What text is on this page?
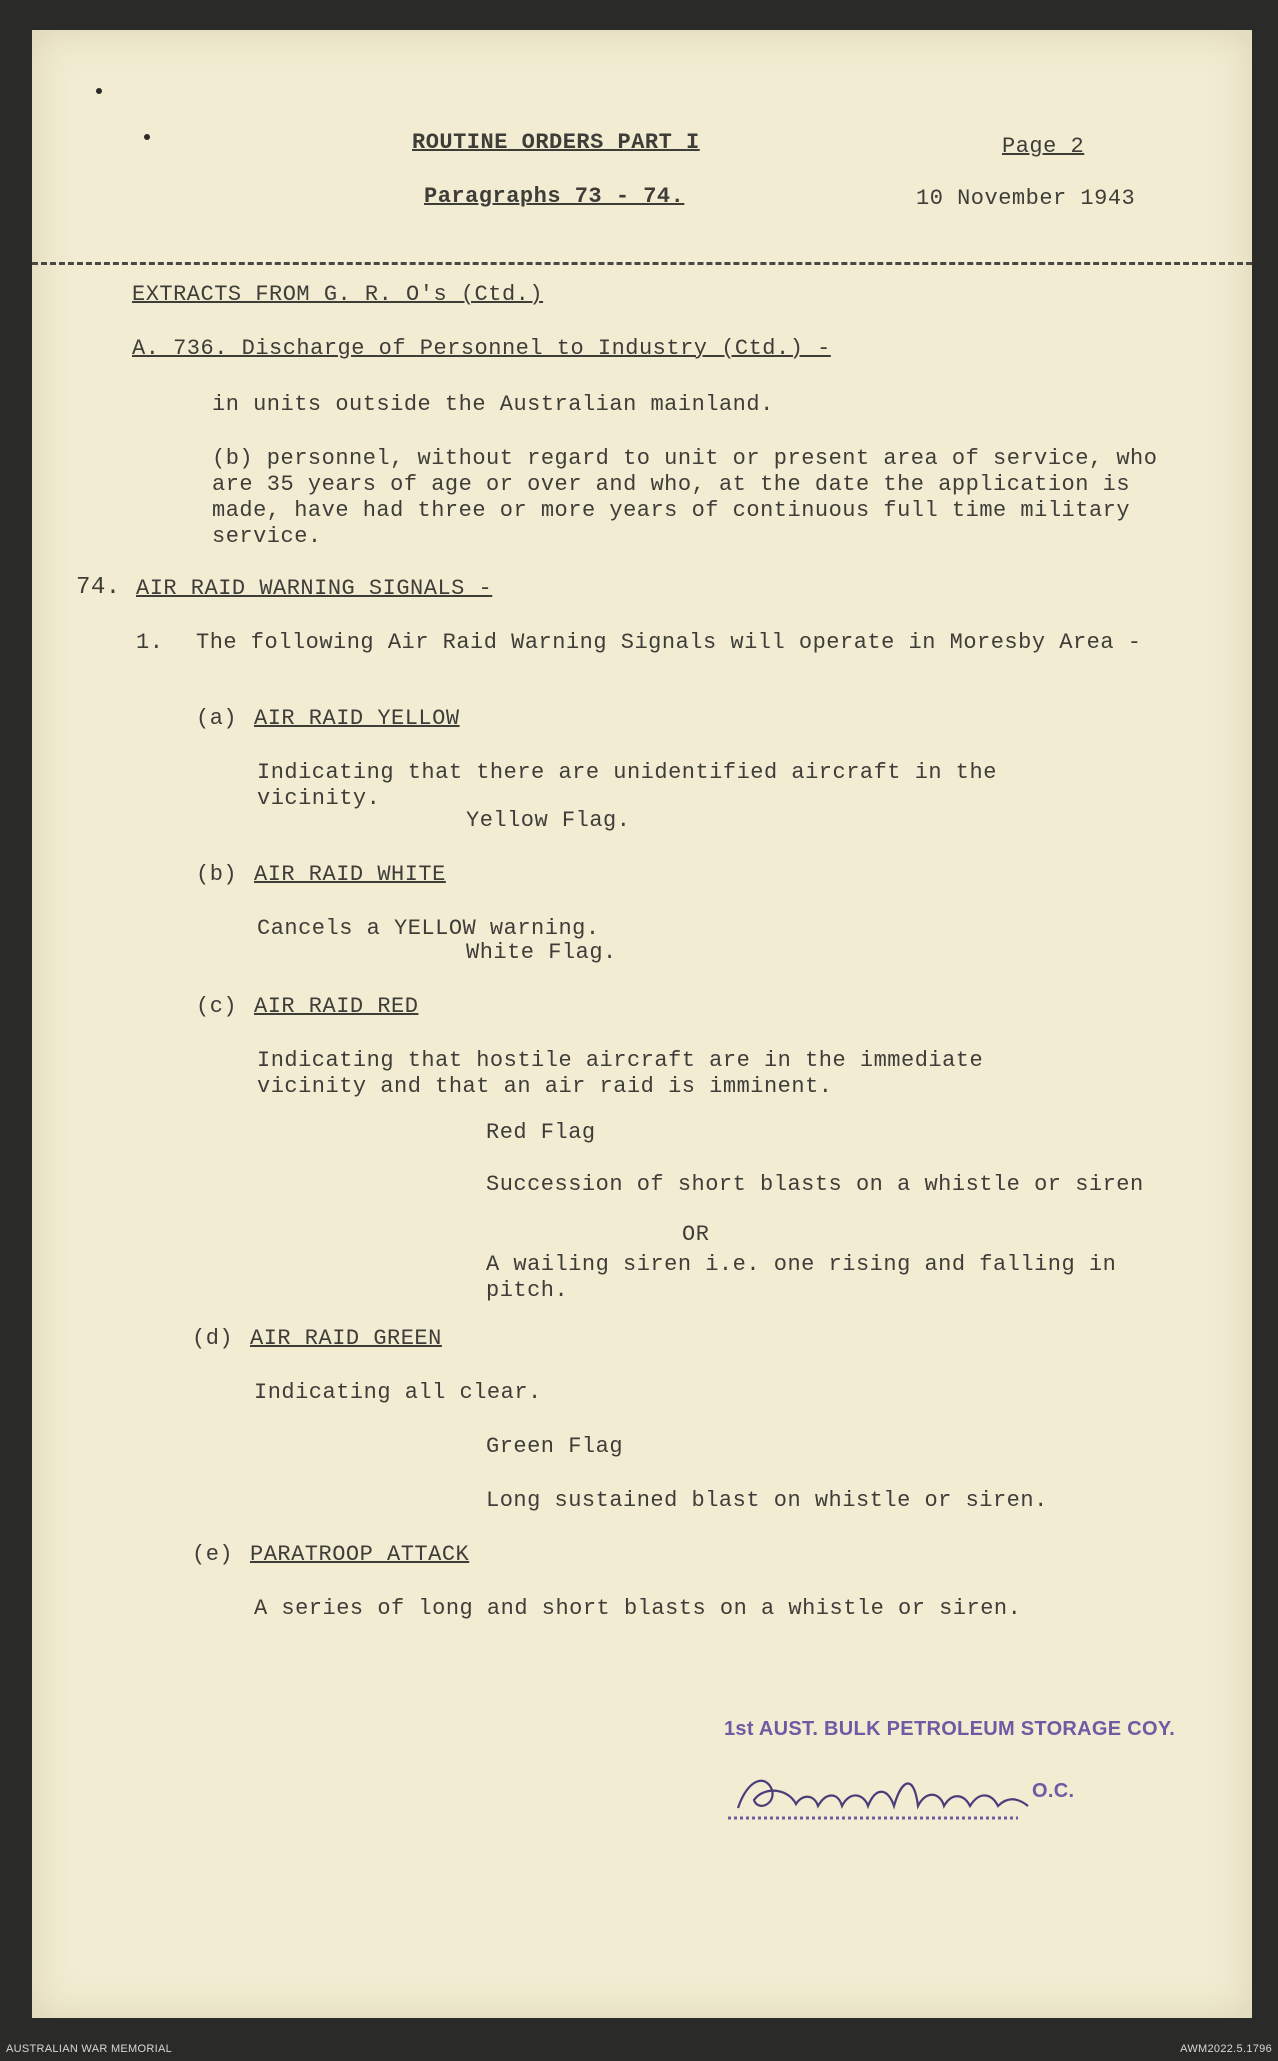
ROUTINE ORDERS PART I	Page 2
Paragraphs 73 - 74.	10 November 1943
EXTRACTS FROM G. R. O's (Ctd.)
A. 736. Discharge of Personnel to Industry (Ctd.) -
in units outside the Australian mainland.
(b) personnel, without regard to unit or present area of service, who are 35 years of age or over and who, at the date the application is made, have had three or more years of continuous full time military service.
74. AIR RAID WARNING SIGNALS -
1. The following Air Raid Warning Signals will operate in Moresby Area -
(a) AIR RAID YELLOW
Indicating that there are unidentified aircraft in the vicinity.
Yellow Flag.
(b) AIR RAID WHITE
Cancels a YELLOW warning.
White Flag.
(c) AIR RAID RED
Indicating that hostile aircraft are in the immediate vicinity and that an air raid is imminent.
Red Flag
Succession of short blasts on a whistle or siren
OR
A wailing siren i.e. one rising and falling in pitch.
(d) AIR RAID GREEN
Indicating all clear.
Green Flag
Long sustained blast on whistle or siren.
(e) PARATROOP ATTACK
A series of long and short blasts on a whistle or siren.
1st AUST. BULK PETROLEUM STORAGE COY.
O.C.
AUSTRALIAN WAR MEMORIAL	AWM2022.5.1796
